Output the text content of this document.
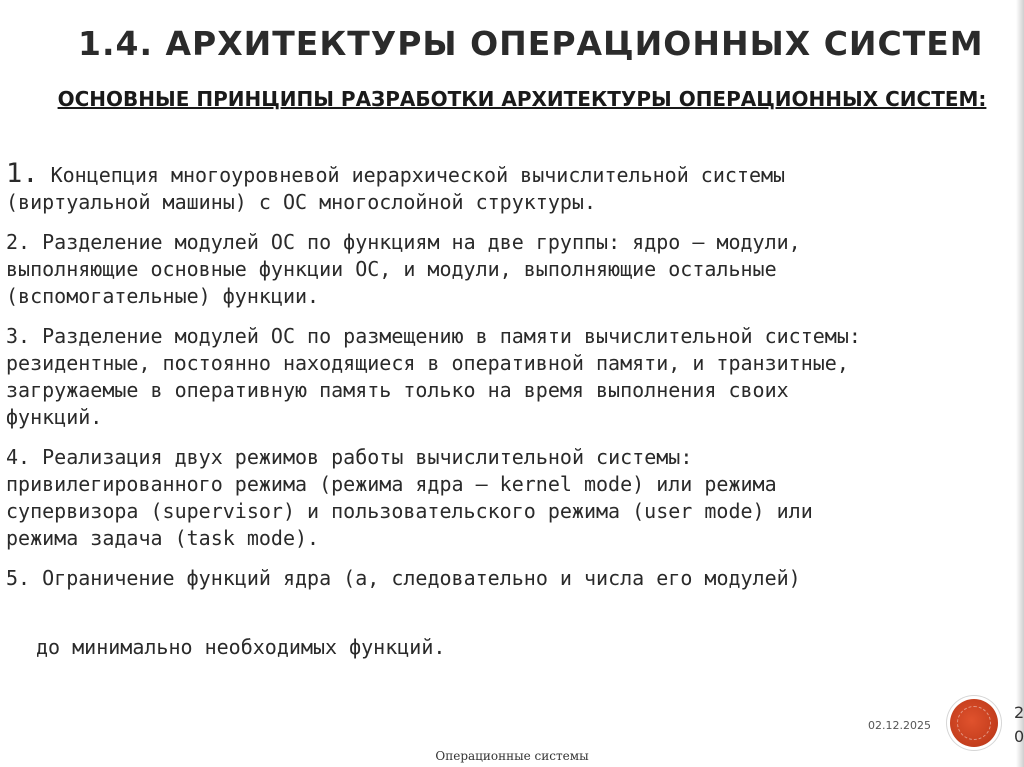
1.4. АРХИТЕКТУРЫ ОПЕРАЦИОННЫХ СИСТЕМ
ОСНОВНЫЕ ПРИНЦИПЫ РАЗРАБОТКИ АРХИТЕКТУРЫ ОПЕРАЦИОННЫХ СИСТЕМ:
1. Концепция многоуровневой иерархической вычислительной системы
(виртуальной машины) с ОС многослойной структуры.
2. Разделение модулей ОС по функциям на две группы: ядро – модули,
выполняющие основные функции ОС, и модули, выполняющие остальные
(вспомогательные) функции.
3. Разделение модулей ОС по размещению в памяти вычислительной системы:
резидентные, постоянно находящиеся в оперативной памяти, и транзитные,
загружаемые в оперативную память только на время выполнения своих
функций.
4. Реализация двух режимов работы вычислительной системы:
привилегированного режима (режима ядра – kernel mode) или режима
супервизора (supervisor) и пользовательского режима (user mode) или
режима задача (task mode).
5. Ограничение функций ядра (а, следовательно и числа его модулей)
до минимально необходимых функций.
02.12.2025
2
0
Операционные системы
